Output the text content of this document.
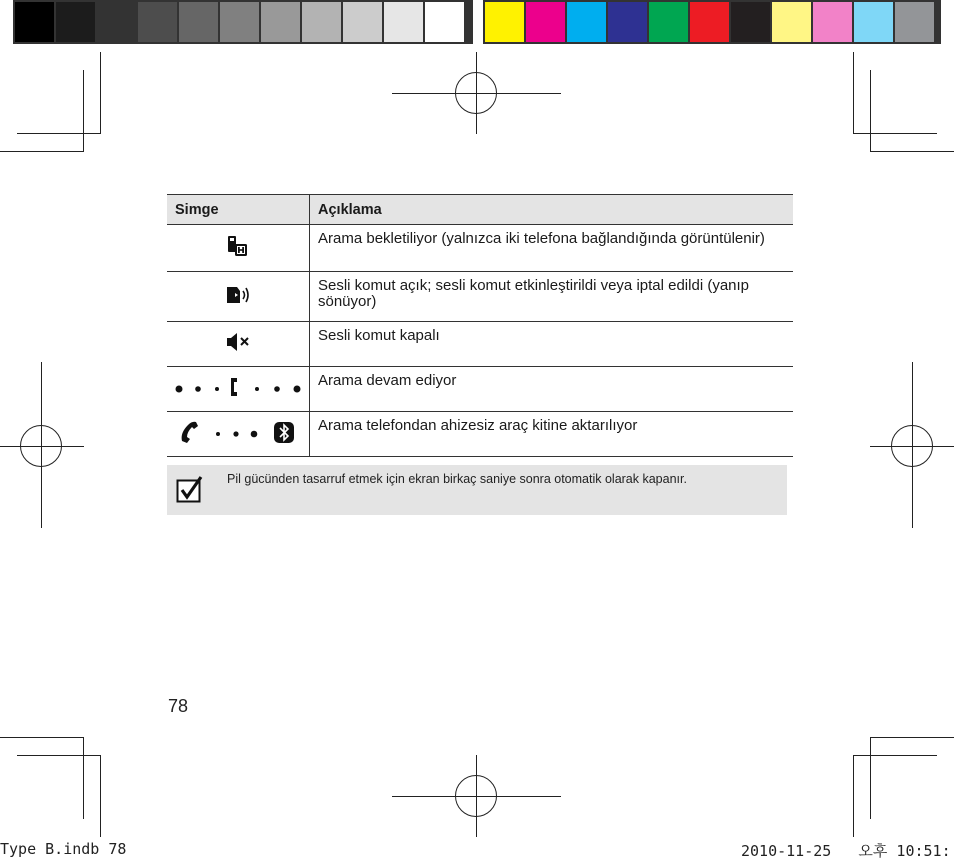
Simge	Açıklama
	Arama bekletiliyor (yalnızca iki telefona bağlandığında görüntülenir)
	Sesli komut açık; sesli komut etkinleştirildi veya iptal edildi (yanıp sönüyor)
	Sesli komut kapalı
	Arama devam ediyor
	Arama telefondan ahizesiz araç kitine aktarılıyor
Pil gücünden tasarruf etmek için ekran birkaç saniye sonra otomatik olarak kapanır.
78
Type B.indb 78	2010-11-25   오후 10:51:
